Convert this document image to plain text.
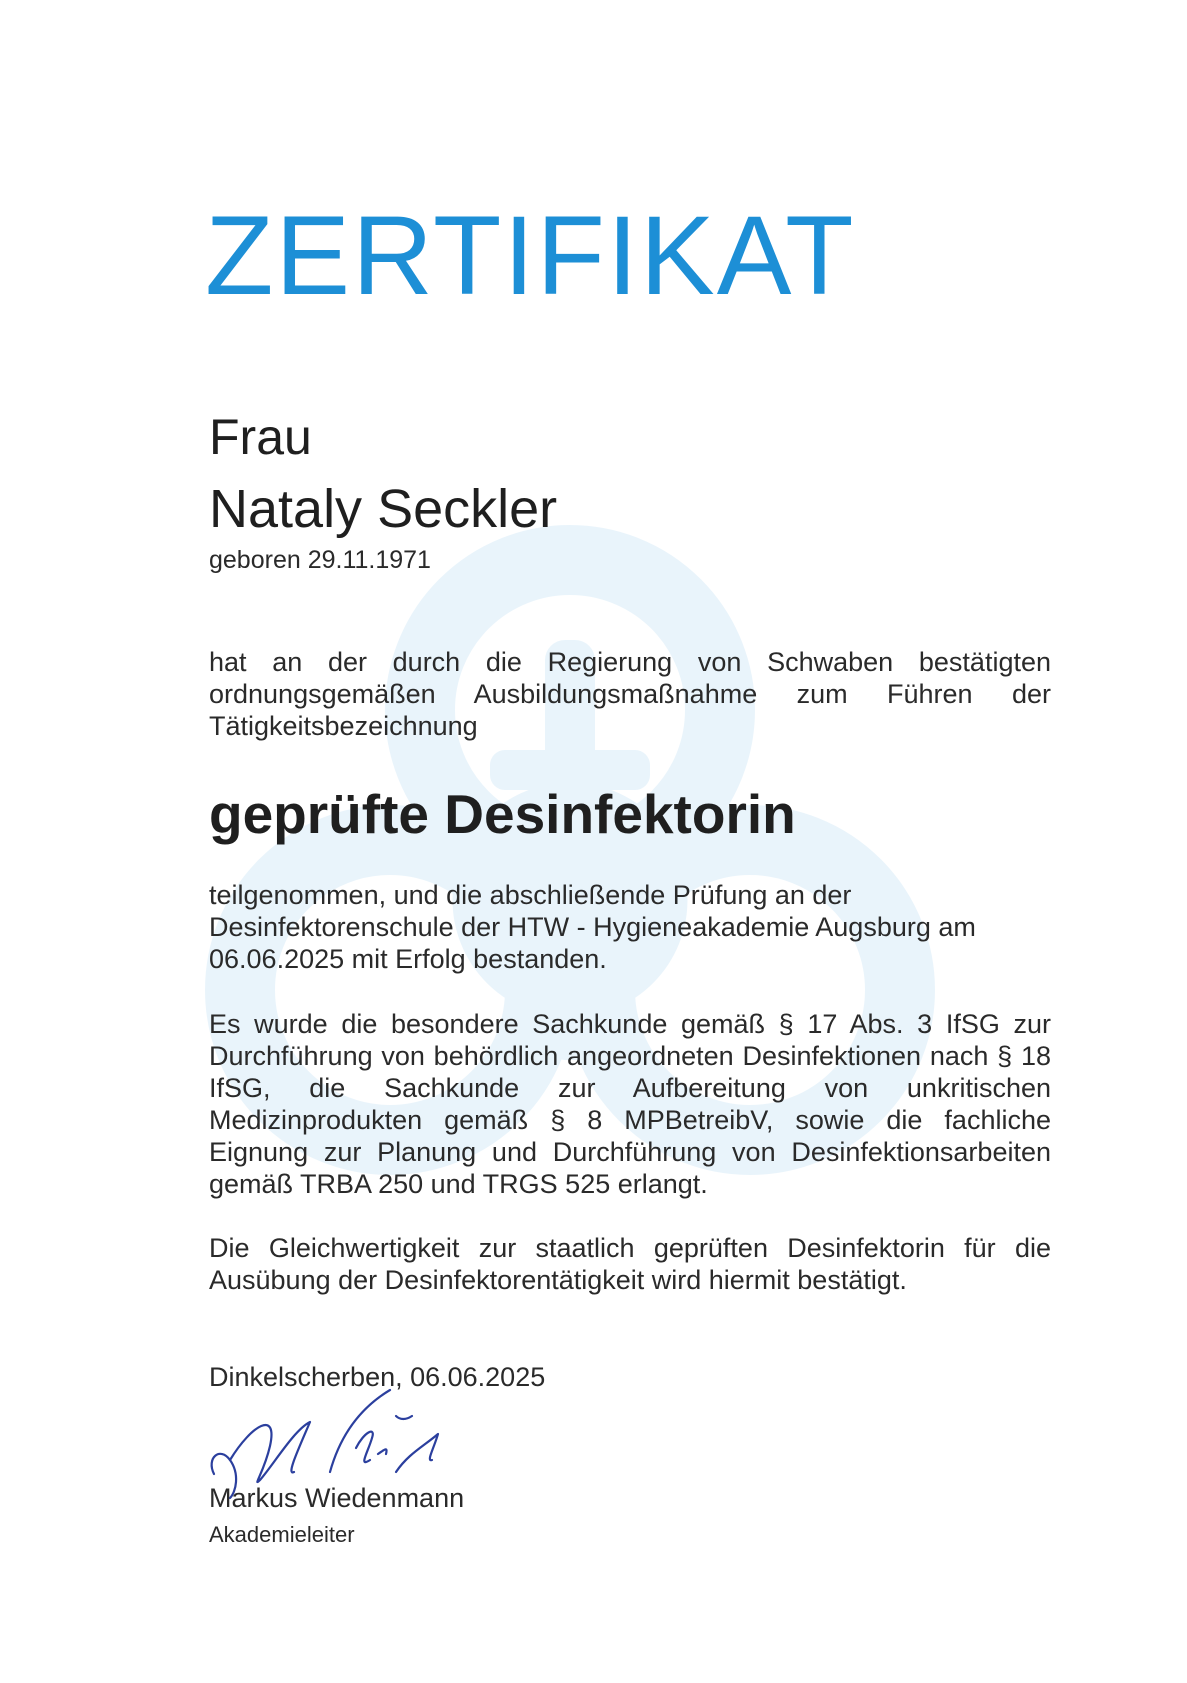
ZERTIFIKAT
Frau
Nataly Seckler
geboren 29.11.1971
hat an der durch die Regierung von Schwaben bestätigten ordnungsgemäßen Ausbildungsmaßnahme zum Führen der Tätigkeitsbezeichnung
geprüfte Desinfektorin
teilgenommen, und die abschließende Prüfung an der Desinfektorenschule der HTW - Hygieneakademie Augsburg am 06.06.2025 mit Erfolg bestanden.
Es wurde die besondere Sachkunde gemäß § 17 Abs. 3 IfSG zur Durchführung von behördlich angeordneten Desinfektionen nach § 18 IfSG, die Sachkunde zur Aufbereitung von unkritischen Medizinprodukten gemäß § 8 MPBetreibV, sowie die fachliche Eignung zur Planung und Durchführung von Desinfektionsarbeiten gemäß TRBA 250 und TRGS 525 erlangt.
Die Gleichwertigkeit zur staatlich geprüften Desinfektorin für die Ausübung der Desinfektorentätigkeit wird hiermit bestätigt.
Dinkelscherben, 06.06.2025
Markus Wiedenmann
Akademieleiter
